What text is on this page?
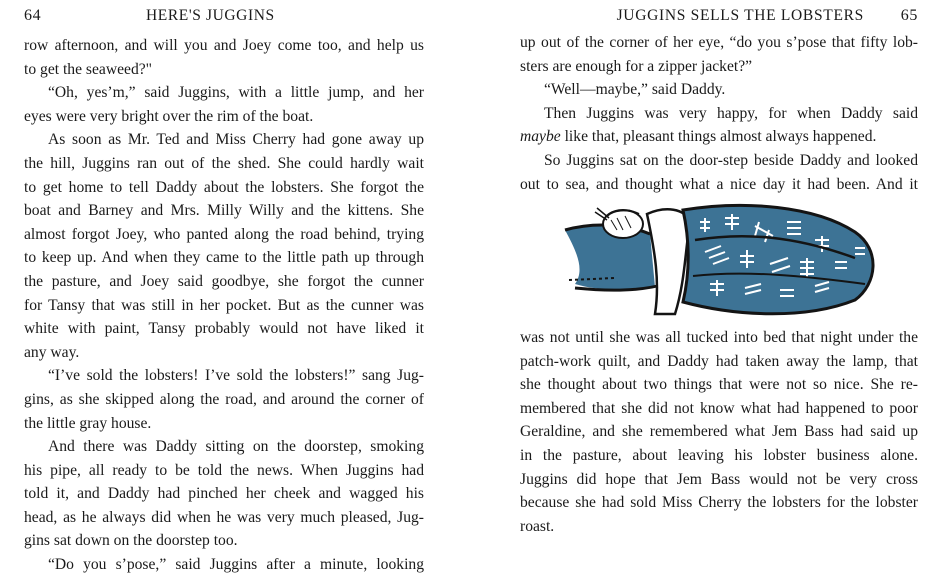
64	HERE'S JUGGINS
row afternoon, and will you and Joey come too, and help us
to get the seaweed?"
“Oh, yes’m,” said Juggins, with a little jump, and her
eyes were very bright over the rim of the boat.
As soon as Mr. Ted and Miss Cherry had gone away up
the hill, Juggins ran out of the shed. She could hardly wait
to get home to tell Daddy about the lobsters. She forgot the
boat and Barney and Mrs. Milly Willy and the kittens. She
almost forgot Joey, who panted along the road behind, trying
to keep up. And when they came to the little path up through
the pasture, and Joey said goodbye, she forgot the cunner
for Tansy that was still in her pocket. But as the cunner was
white with paint, Tansy probably would not have liked it
any way.
“I’ve sold the lobsters! I’ve sold the lobsters!” sang Jug-
gins, as she skipped along the road, and around the corner of
the little gray house.
And there was Daddy sitting on the doorstep, smoking
his pipe, all ready to be told the news. When Juggins had
told it, and Daddy had pinched her cheek and wagged his
head, as he always did when he was very much pleased, Jug-
gins sat down on the doorstep too.
“Do you s’pose,” said Juggins after a minute, looking
JUGGINS SELLS THE LOBSTERS 65
up out of the corner of her eye, “do you s’pose that fifty lob-
sters are enough for a zipper jacket?”
“Well—maybe,” said Daddy.
Then Juggins was very happy, for when Daddy said
maybe like that, pleasant things almost always happened.
So Juggins sat on the door-step beside Daddy and looked
out to sea, and thought what a nice day it had been. And it
was not until she was all tucked into bed that night under the
patch-work quilt, and Daddy had taken away the lamp, that
she thought about two things that were not so nice. She re-
membered that she did not know what had happened to poor
Geraldine, and she remembered what Jem Bass had said up
in the pasture, about leaving his lobster business alone.
Juggins did hope that Jem Bass would not be very cross
because she had sold Miss Cherry the lobsters for the lobster
roast.
